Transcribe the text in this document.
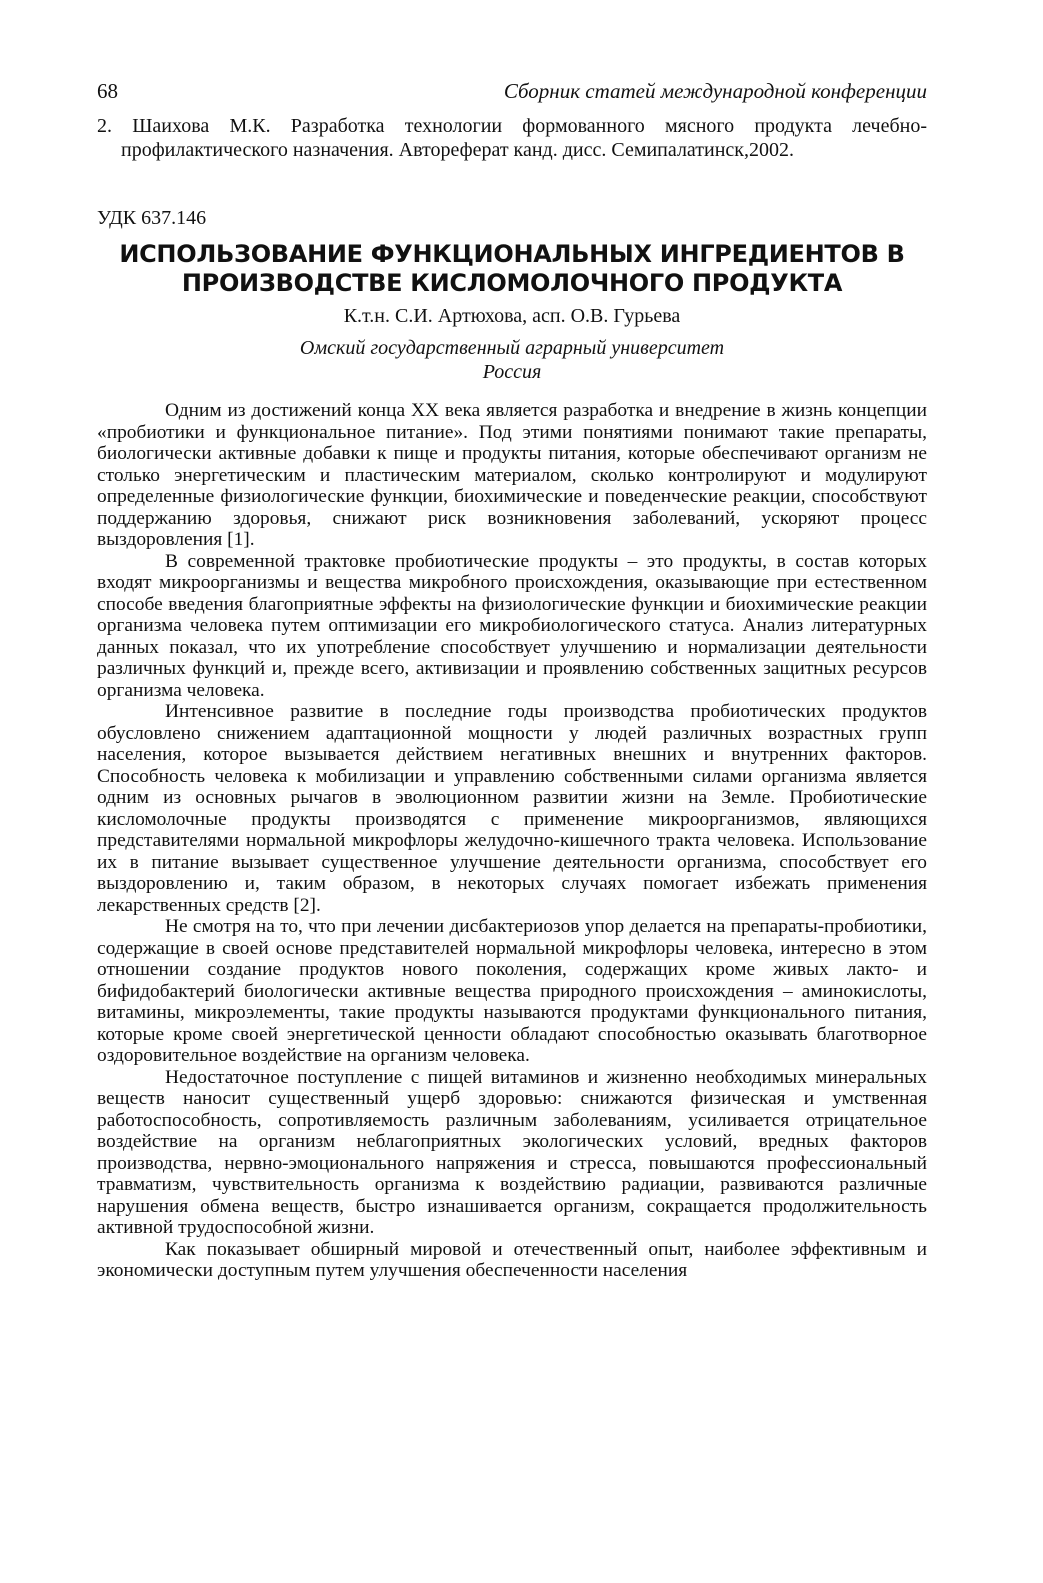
68	Сборник статей международной конференции
2. Шаихова М.К. Разработка технологии формованного мясного продукта лечебно-профилактического назначения. Автореферат канд. дисс. Семипалатинск,2002.
УДК 637.146
ИСПОЛЬЗОВАНИЕ ФУНКЦИОНАЛЬНЫХ ИНГРЕДИЕНТОВ В
ПРОИЗВОДСТВЕ КИСЛОМОЛОЧНОГО ПРОДУКТА
К.т.н. С.И. Артюхова, асп. О.В. Гурьева
Омский государственный аграрный университет
Россия

Одним из достижений конца XX века является разработка и внедрение в жизнь концепции «пробиотики и функциональное питание». Под этими понятиями понимают такие препараты, биологически активные добавки к пище и продукты питания, которые обеспечивают организм не столько энергетическим и пластическим материалом, сколько контролируют и модулируют определенные физиологические функции, биохимические и поведенческие реакции, способствуют поддержанию здоровья, снижают риск возникновения заболеваний, ускоряют процесс выздоровления [1].

В современной трактовке пробиотические продукты – это продукты, в состав которых входят микроорганизмы и вещества микробного происхождения, оказывающие при естественном способе введения благоприятные эффекты на физиологические функции и биохимические реакции организма человека путем оптимизации его микробиологического статуса. Анализ литературных данных показал, что их употребление способствует улучшению и нормализации деятельности различных функций и, прежде всего, активизации и проявлению собственных защитных ресурсов организма человека.

Интенсивное развитие в последние годы производства пробиотических продуктов обусловлено снижением адаптационной мощности у людей различных возрастных групп населения, которое вызывается действием негативных внешних и внутренних факторов. Способность человека к мобилизации и управлению собственными силами организма является одним из основных рычагов в эволюционном развитии жизни на Земле. Пробиотические кисломолочные продукты производятся с применение микроорганизмов, являющихся представителями нормальной микрофлоры желудочно-кишечного тракта человека. Использование их в питание вызывает существенное улучшение деятельности организма, способствует его выздоровлению и, таким образом, в некоторых случаях помогает избежать применения лекарственных средств [2].

Не смотря на то, что при лечении дисбактериозов упор делается на препараты-пробиотики, содержащие в своей основе представителей нормальной микрофлоры человека, интересно в этом отношении создание продуктов нового поколения, содержащих кроме живых лакто- и бифидобактерий биологически активные вещества природного происхождения – аминокислоты, витамины, микроэлементы, такие продукты называются продуктами функционального питания, которые кроме своей энергетической ценности обладают способностью оказывать благотворное оздоровительное воздействие на организм человека.

Недостаточное поступление с пищей витаминов и жизненно необходимых минеральных веществ наносит существенный ущерб здоровью: снижаются физическая и умственная работоспособность, сопротивляемость различным заболеваниям, усиливается отрицательное воздействие на организм неблагоприятных экологических условий, вредных факторов производства, нервно-эмоционального напряжения и стресса, повышаются профессиональный травматизм, чувствительность организма к воздействию радиации, развиваются различные нарушения обмена веществ, быстро изнашивается организм, сокращается продолжительность активной трудоспособной жизни.

Как показывает обширный мировой и отечественный опыт, наиболее эффективным и экономически доступным путем улучшения обеспеченности населения
